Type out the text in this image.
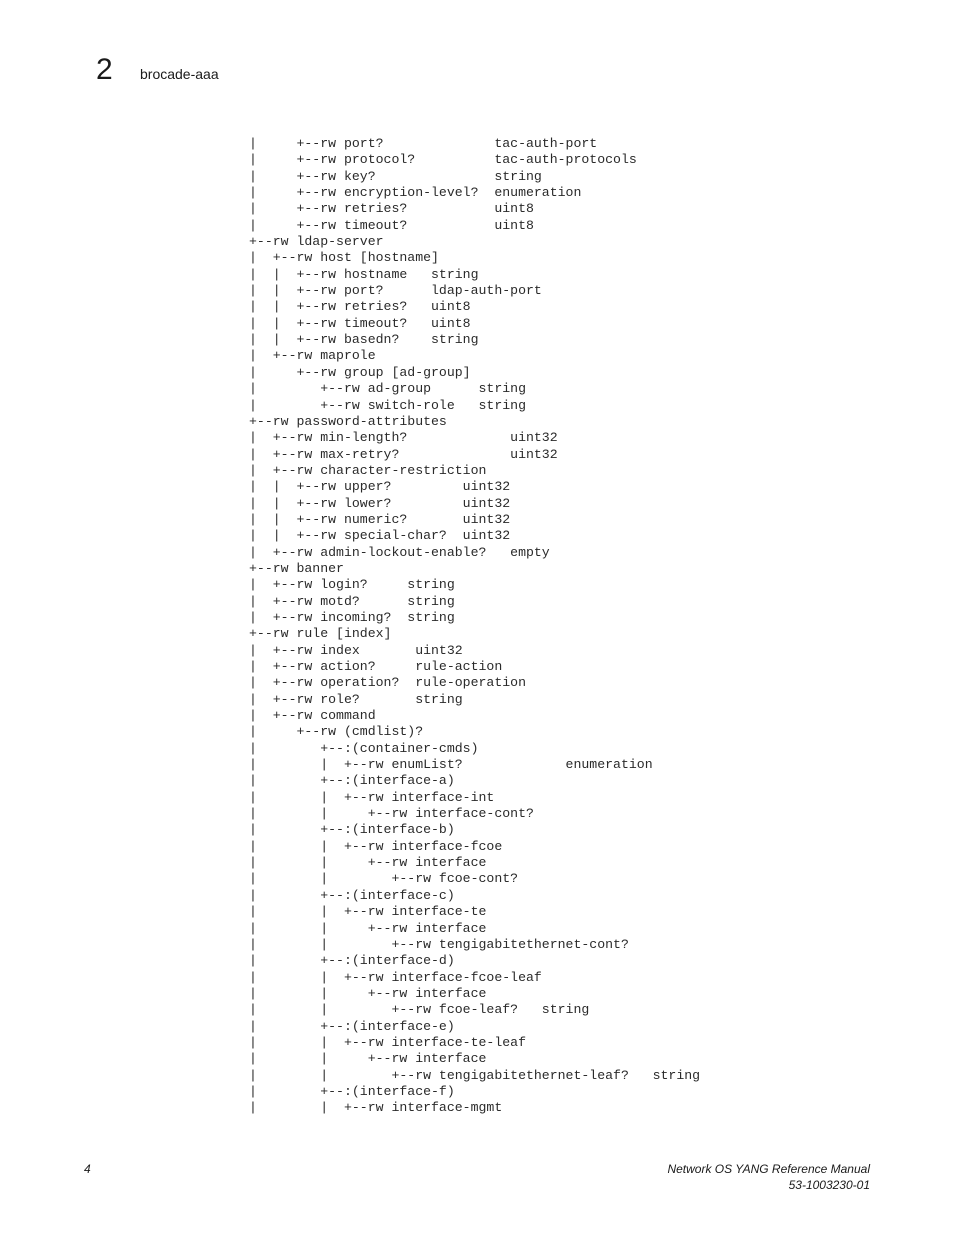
2 brocade-aaa
|     +--rw port?              tac-auth-port
|     +--rw protocol?          tac-auth-protocols
|     +--rw key?               string
|     +--rw encryption-level?  enumeration
|     +--rw retries?           uint8
|     +--rw timeout?           uint8
+--rw ldap-server
|  +--rw host [hostname]
|  |  +--rw hostname   string
|  |  +--rw port?      ldap-auth-port
|  |  +--rw retries?   uint8
|  |  +--rw timeout?   uint8
|  |  +--rw basedn?    string
|  +--rw maprole
|     +--rw group [ad-group]
|        +--rw ad-group      string
|        +--rw switch-role   string
+--rw password-attributes
|  +--rw min-length?             uint32
|  +--rw max-retry?              uint32
|  +--rw character-restriction
|  |  +--rw upper?         uint32
|  |  +--rw lower?         uint32
|  |  +--rw numeric?       uint32
|  |  +--rw special-char?  uint32
|  +--rw admin-lockout-enable?   empty
+--rw banner
|  +--rw login?     string
|  +--rw motd?      string
|  +--rw incoming?  string
+--rw rule [index]
|  +--rw index       uint32
|  +--rw action?     rule-action
|  +--rw operation?  rule-operation
|  +--rw role?       string
|  +--rw command
|     +--rw (cmdlist)?
|        +--:(container-cmds)
|        |  +--rw enumList?             enumeration
|        +--:(interface-a)
|        |  +--rw interface-int
|        |     +--rw interface-cont?
|        +--:(interface-b)
|        |  +--rw interface-fcoe
|        |     +--rw interface
|        |        +--rw fcoe-cont?
|        +--:(interface-c)
|        |  +--rw interface-te
|        |     +--rw interface
|        |        +--rw tengigabitethernet-cont?
|        +--:(interface-d)
|        |  +--rw interface-fcoe-leaf
|        |     +--rw interface
|        |        +--rw fcoe-leaf?   string
|        +--:(interface-e)
|        |  +--rw interface-te-leaf
|        |     +--rw interface
|        |        +--rw tengigabitethernet-leaf?   string
|        +--:(interface-f)
|        |  +--rw interface-mgmt
4	Network OS YANG Reference Manual
53-1003230-01
